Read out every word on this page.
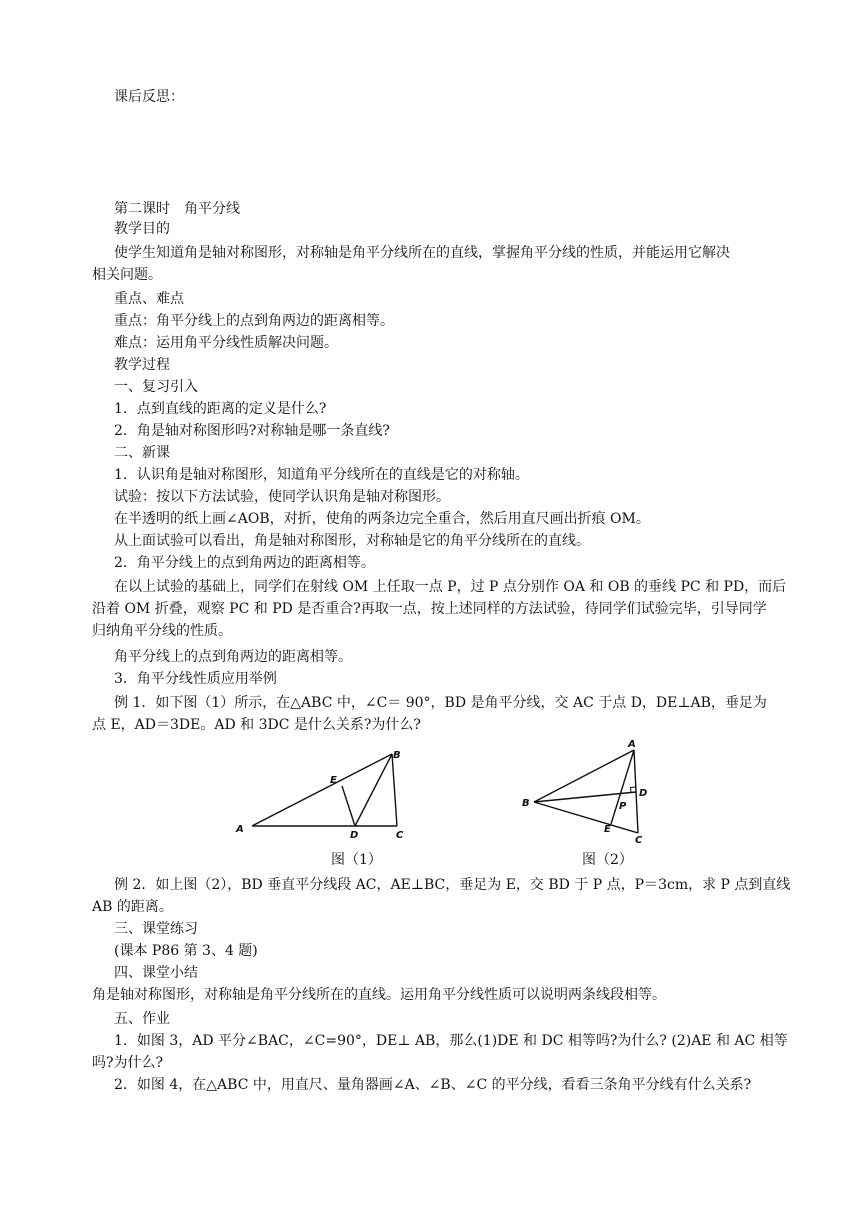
课后反思：
第二课时　角平分线
教学目的
使学生知道角是轴对称图形，对称轴是角平分线所在的直线，掌握角平分线的性质，并能运用它解决
相关问题。
重点、难点
重点：角平分线上的点到角两边的距离相等。
难点：运用角平分线性质解决问题。
教学过程
一、复习引入
1．点到直线的距离的定义是什么?
2．角是轴对称图形吗?对称轴是哪一条直线?
二、新课
1．认识角是轴对称图形，知道角平分线所在的直线是它的对称轴。
试验：按以下方法试验，使同学认识角是轴对称图形。
在半透明的纸上画∠AOB，对折，使角的两条边完全重合，然后用直尺画出折痕 OM。
从上面试验可以看出，角是轴对称图形，对称轴是它的角平分线所在的直线。
2．角平分线上的点到角两边的距离相等。
在以上试验的基础上，同学们在射线 OM 上任取一点 P，过 P 点分别作 OA 和 OB 的垂线 PC 和 PD，而后
沿着 OM 折叠，观察 PC 和 PD 是否重合?再取一点，按上述同样的方法试验，待同学们试验完毕，引导同学
归纳角平分线的性质。
角平分线上的点到角两边的距离相等。
3．角平分线性质应用举例
例 1．如下图（1）所示，在△ABC 中，∠C＝ 90°，BD 是角平分线，交 AC 于点 D，DE⊥AB，垂足为
点 E，AD＝3DE。AD 和 3DC 是什么关系?为什么?
A
B
C
D
E
图（1）
A
B
C
D
E
P
图（2）
例 2．如上图（2），BD 垂直平分线段 AC，AE⊥BC，垂足为 E，交 BD 于 P 点，P＝3cm，求 P 点到直线
AB 的距离。
三、课堂练习
(课本 P86 第 3、4 题)
四、课堂小结
角是轴对称图形，对称轴是角平分线所在的直线。运用角平分线性质可以说明两条线段相等。
五、作业
1．如图 3，AD 平分∠BAC，∠C=90°，DE⊥ AB，那么(1)DE 和 DC 相等吗?为什么? (2)AE 和 AC 相等
吗?为什么?
2．如图 4，在△ABC 中，用直尺、量角器画∠A、∠B、∠C 的平分线，看看三条角平分线有什么关系?
